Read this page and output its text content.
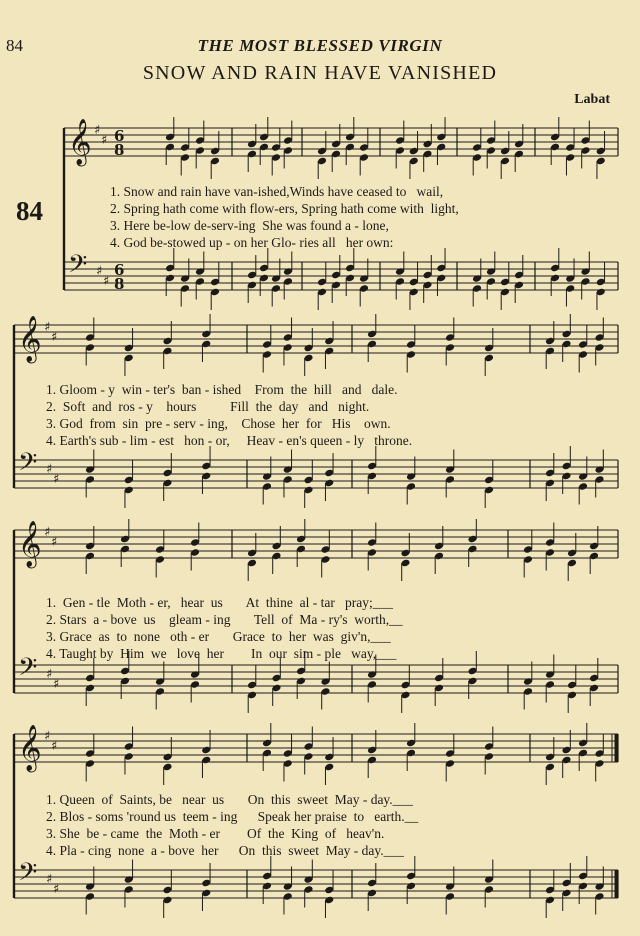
84	THE MOST BLESSED VIRGIN
SNOW AND RAIN HAVE VANISHED
Labat
84
𝄞 ♯
♯ 6
8
𝄢 ♯
♯
6
8
𝄞 ♯
♯
𝄢 ♯
♯
𝄞 ♯
♯
𝄢 ♯
♯
𝄞 ♯
♯
𝄢 ♯
♯
1. Snow and rain have van-ished,Winds have ceased to   wail,
2. Spring hath come with flow-ers, Spring hath come with  light,
3. Here be-low de-serv-ing  She was found a - lone,
4. God be-stowed up - on her Glo- ries all   her own:
1. Gloom - y  win - ter's  ban - ished    From  the  hill   and   dale.
2.  Soft  and  ros - y    hours          Fill  the  day   and   night.
3. God  from  sin  pre - serv - ing,    Chose  her  for   His    own.
4. Earth's sub - lim - est   hon - or,     Heav - en's queen - ly   throne.
1.  Gen - tle  Moth - er,   hear  us       At  thine  al - tar   pray;___
2. Stars  a - bove  us    gleam - ing       Tell  of  Ma - ry's  worth,__
3. Grace  as  to  none   oth - er       Grace  to  her  was  giv'n,___
4. Taught by  Him  we   love  her        In  our  sim - ple   way,___
1. Queen  of  Saints, be   near  us       On  this  sweet  May - day.___
2. Blos - soms 'round us  teem - ing      Speak her praise  to   earth.__
3. She  be - came  the  Moth - er        Of  the  King  of   heav'n.
4. Pla - cing  none  a - bove  her      On  this  sweet  May - day.___
